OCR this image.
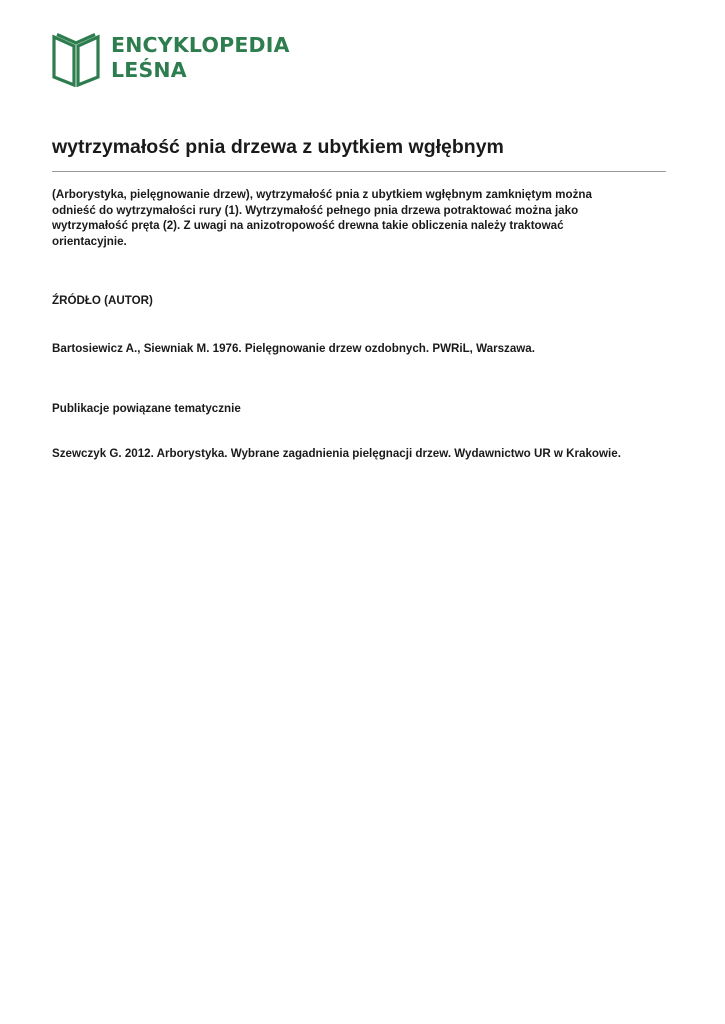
ENCYKLOPEDIA
LEŚNA
wytrzymałość pnia drzewa z ubytkiem wgłębnym

(Arborystyka, pielęgnowanie drzew), wytrzymałość pnia z ubytkiem wgłębnym zamkniętym można odnieść do wytrzymałości rury (1). Wytrzymałość pełnego pnia drzewa potraktować można jako wytrzymałość pręta (2). Z uwagi na anizotropowość drewna takie obliczenia należy traktować orientacyjnie.

ŹRÓDŁO (AUTOR)

Bartosiewicz A., Siewniak M. 1976. Pielęgnowanie drzew ozdobnych. PWRiL, Warszawa.

Publikacje powiązane tematycznie

Szewczyk G. 2012. Arborystyka. Wybrane zagadnienia pielęgnacji drzew. Wydawnictwo UR w Krakowie.
